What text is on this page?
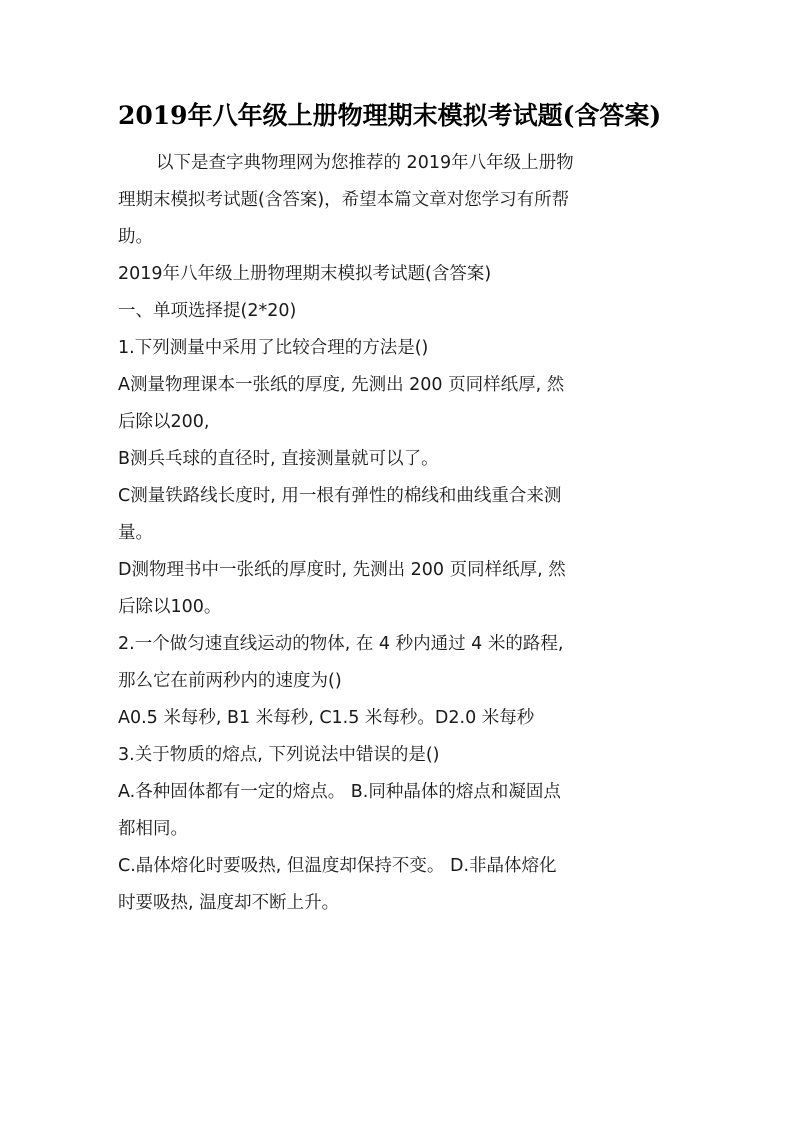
2019年八年级上册物理期末模拟考试题(含答案)

以下是查字典物理网为您推荐的 2019年八年级上册物

理期末模拟考试题(含答案)，希望本篇文章对您学习有所帮

助。

2019年八年级上册物理期末模拟考试题(含答案)

一、单项选择提(2*20)

1.下列测量中采用了比较合理的方法是()

A测量物理课本一张纸的厚度, 先测出 200 页同样纸厚, 然

后除以200,

B测兵乓球的直径时, 直接测量就可以了。

C测量铁路线长度时, 用一根有弹性的棉线和曲线重合来测

量。

D测物理书中一张纸的厚度时, 先测出 200 页同样纸厚, 然

后除以100。

2.一个做匀速直线运动的物体, 在 4 秒内通过 4 米的路程,

那么它在前两秒内的速度为()

A0.5 米每秒, B1 米每秒, C1.5 米每秒。D2.0 米每秒

3.关于物质的熔点, 下列说法中错误的是()

A.各种固体都有一定的熔点。 B.同种晶体的熔点和凝固点

都相同。

C.晶体熔化时要吸热, 但温度却保持不变。 D.非晶体熔化

时要吸热, 温度却不断上升。
